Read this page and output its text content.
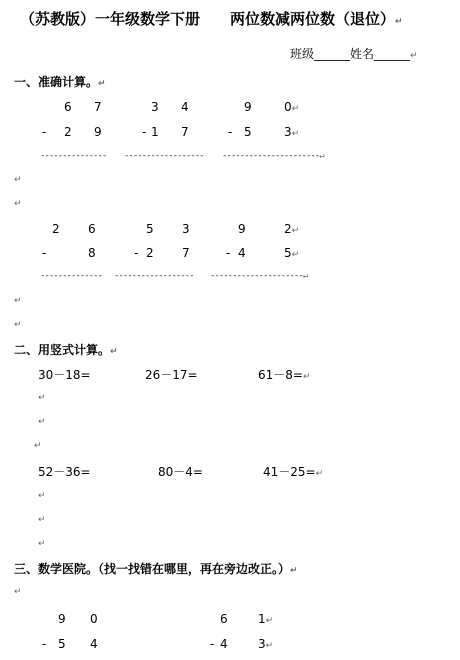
（苏教版）一年级数学下册　　两位数减两位数（退位）↵
班级______姓名______↵
一、准确计算。↵
6 7
- 2 9
---------------
3 4
- 1 7
------------------
9	0↵
- 5	3↵
----------------------↵
↵
↵
2 6
-	8
--------------
5 3
- 2 7
------------------
9	2↵
- 4	5↵
---------------------↵
↵
↵
二、用竖式计算。↵
30－18=	26－17=	61－8=↵
↵
↵
↵
52－36=	80－4=	41－25=↵
↵
↵
↵
三、数学医院。（找一找错在哪里，再在旁边改正。）↵
↵
9 0
- 5 4
6	1↵
- 4	3↵
